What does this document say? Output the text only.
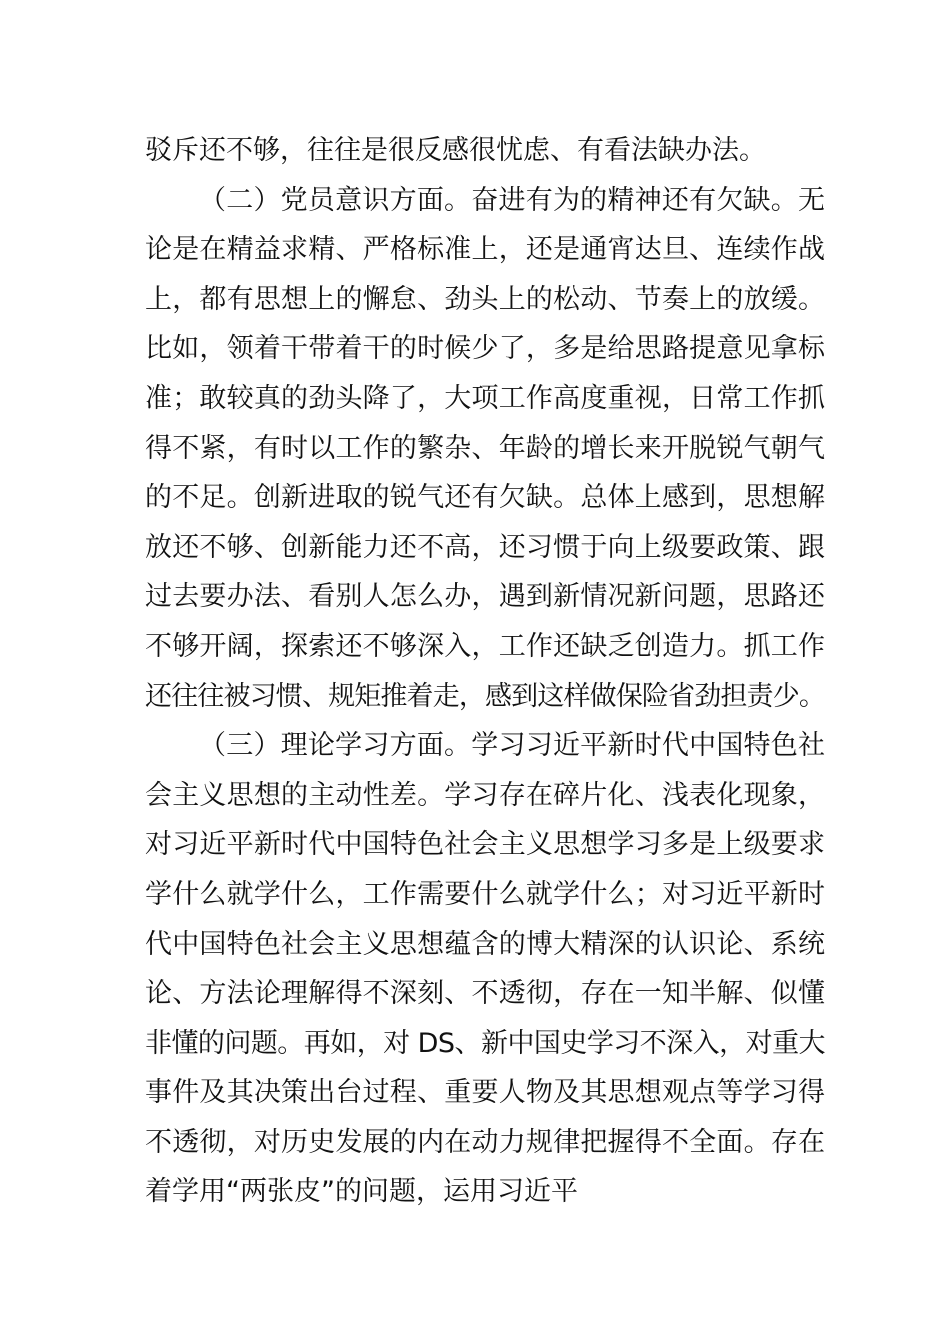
驳斥还不够，往往是很反感很忧虑、有看法缺办法。
（二）党员意识方面。奋进有为的精神还有欠缺。无
论是在精益求精、严格标准上，还是通宵达旦、连续作战
上，都有思想上的懈怠、劲头上的松动、节奏上的放缓。
比如，领着干带着干的时候少了，多是给思路提意见拿标
准；敢较真的劲头降了，大项工作高度重视，日常工作抓
得不紧，有时以工作的繁杂、年龄的增长来开脱锐气朝气
的不足。创新进取的锐气还有欠缺。总体上感到，思想解
放还不够、创新能力还不高，还习惯于向上级要政策、跟
过去要办法、看别人怎么办，遇到新情况新问题，思路还
不够开阔，探索还不够深入，工作还缺乏创造力。抓工作
还往往被习惯、规矩推着走，感到这样做保险省劲担责少。
（三）理论学习方面。学习习近平新时代中国特色社
会主义思想的主动性差。学习存在碎片化、浅表化现象，
对习近平新时代中国特色社会主义思想学习多是上级要求
学什么就学什么，工作需要什么就学什么；对习近平新时
代中国特色社会主义思想蕴含的博大精深的认识论、系统
论、方法论理解得不深刻、不透彻，存在一知半解、似懂
非懂的问题。再如，对 DS、新中国史学习不深入，对重大
事件及其决策出台过程、重要人物及其思想观点等学习得
不透彻，对历史发展的内在动力规律把握得不全面。存在
着学用“两张皮”的问题，运用习近平
